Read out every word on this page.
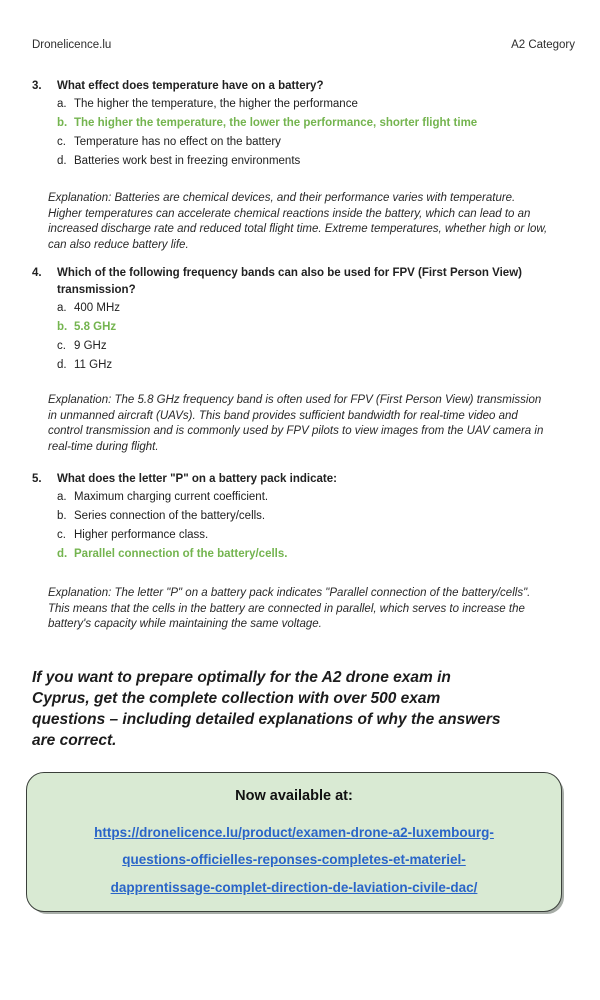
Dronelicence.lu	A2 Category
3.	What effect does temperature have on a battery?
a. The higher the temperature, the higher the performance
b. The higher the temperature, the lower the performance, shorter flight time
c. Temperature has no effect on the battery
d. Batteries work best in freezing environments
Explanation: Batteries are chemical devices, and their performance varies with temperature. Higher temperatures can accelerate chemical reactions inside the battery, which can lead to an increased discharge rate and reduced total flight time. Extreme temperatures, whether high or low, can also reduce battery life.
4.	Which of the following frequency bands can also be used for FPV (First Person View) transmission?
a. 400 MHz
b. 5.8 GHz
c. 9 GHz
d. 11 GHz
Explanation: The 5.8 GHz frequency band is often used for FPV (First Person View) transmission in unmanned aircraft (UAVs). This band provides sufficient bandwidth for real-time video and control transmission and is commonly used by FPV pilots to view images from the UAV camera in real-time during flight.
5.	What does the letter "P" on a battery pack indicate:
a. Maximum charging current coefficient.
b. Series connection of the battery/cells.
c. Higher performance class.
d. Parallel connection of the battery/cells.
Explanation: The letter "P" on a battery pack indicates "Parallel connection of the battery/cells". This means that the cells in the battery are connected in parallel, which serves to increase the battery's capacity while maintaining the same voltage.
If you want to prepare optimally for the A2 drone exam in
Cyprus, get the complete collection with over 500 exam
questions – including detailed explanations of why the answers
are correct.
Now available at:
https://dronelicence.lu/product/examen-drone-a2-luxembourg-
questions-officielles-reponses-completes-et-materiel-
dapprentissage-complet-direction-de-laviation-civile-dac/
